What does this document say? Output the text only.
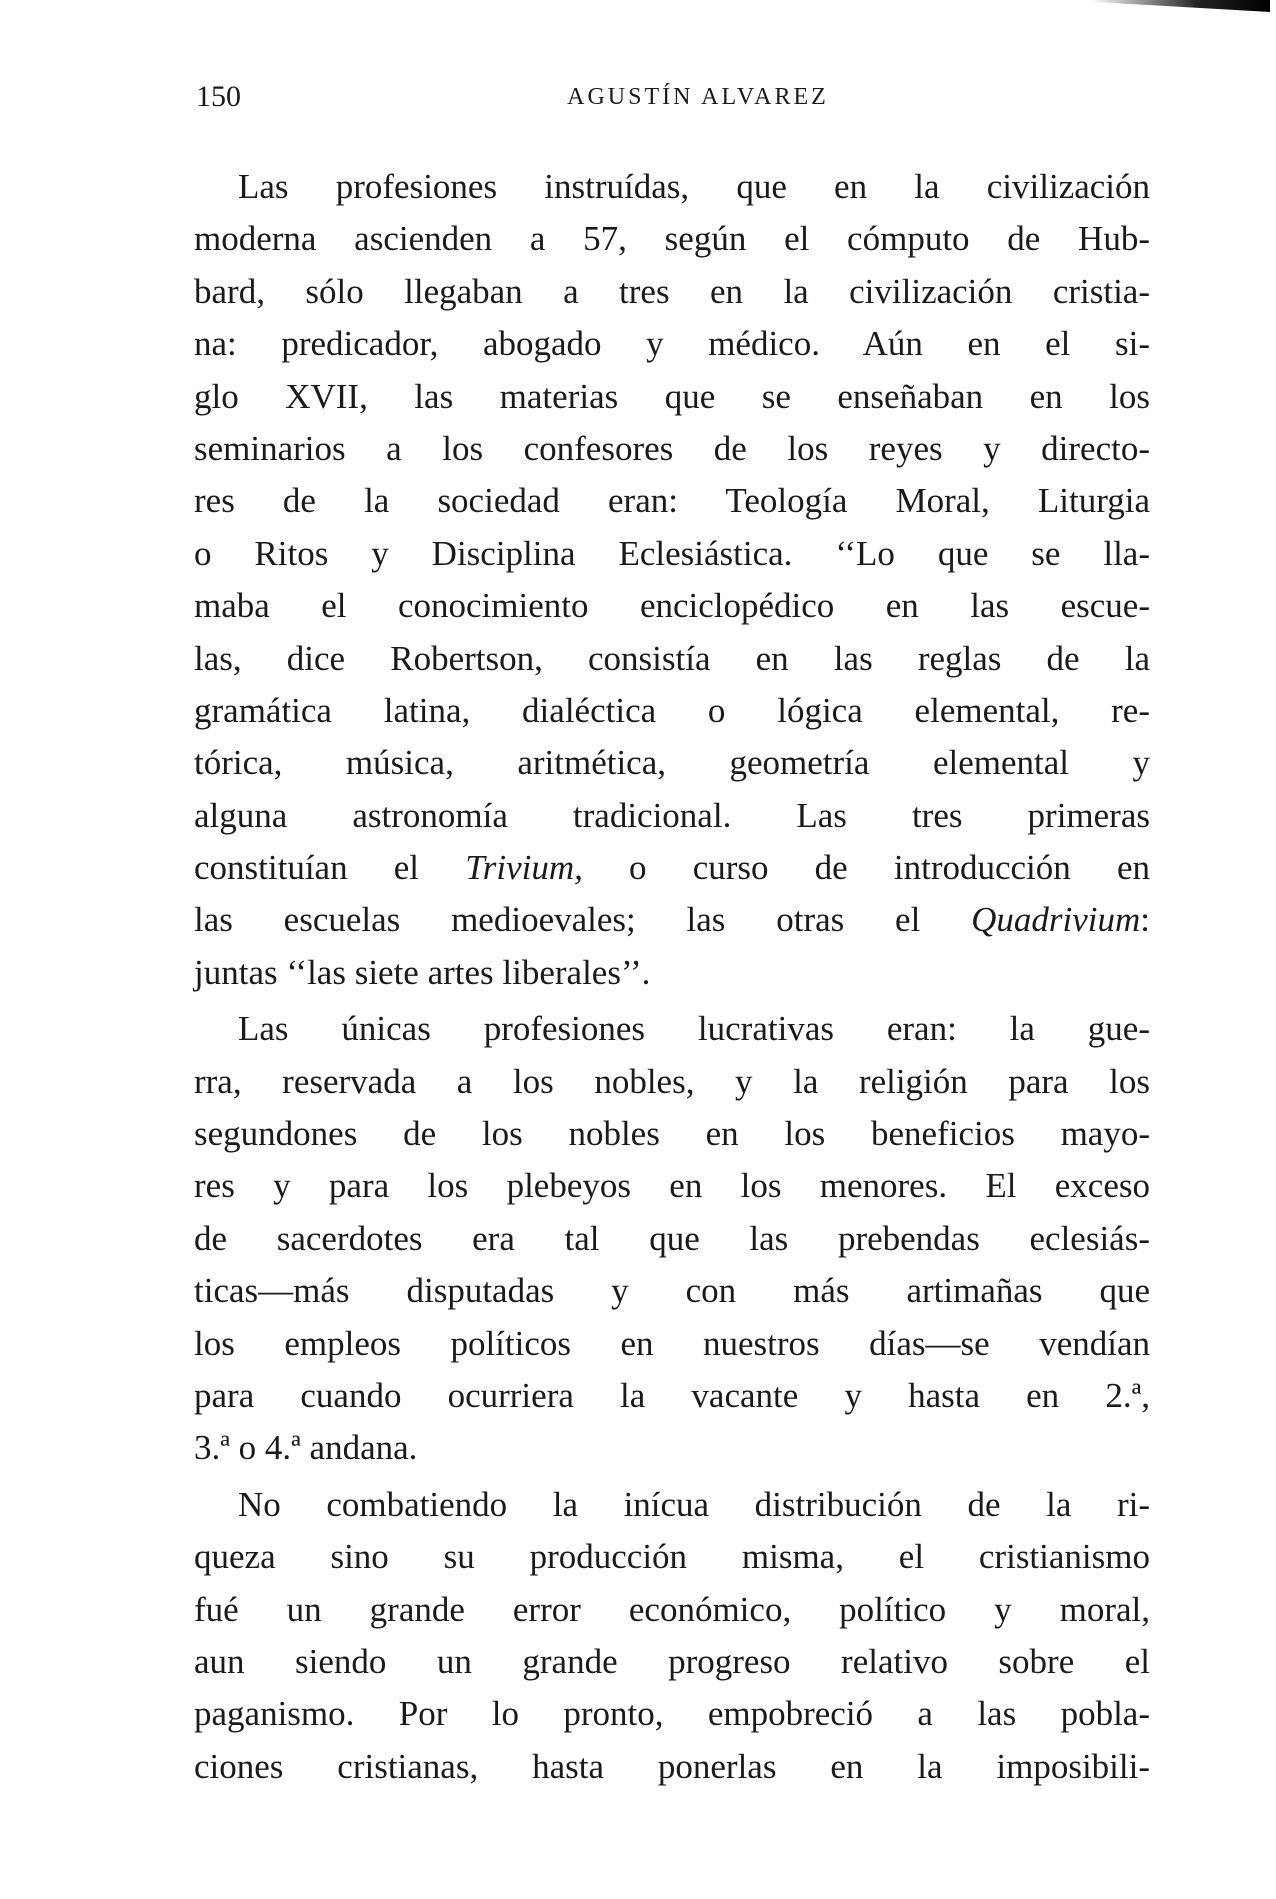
150	AGUSTÍN ALVAREZ

Las profesiones instruídas, que en la civilización
moderna ascienden a 57, según el cómputo de Hub-
bard, sólo llegaban a tres en la civilización cristia-
na: predicador, abogado y médico. Aún en el si-
glo XVII, las materias que se enseñaban en los
seminarios a los confesores de los reyes y directo-
res de la sociedad eran: Teología Moral, Liturgia
o Ritos y Disciplina Eclesiástica. ‘‘Lo que se lla-
maba el conocimiento enciclopédico en las escue-
las, dice Robertson, consistía en las reglas de la
gramática latina, dialéctica o lógica elemental, re-
tórica, música, aritmética, geometría elemental y
alguna astronomía tradicional. Las tres primeras
constituían el Trivium, o curso de introducción en
las escuelas medioevales; las otras el Quadrivium:
juntas ‘‘las siete artes liberales’’.

Las únicas profesiones lucrativas eran: la gue-
rra, reservada a los nobles, y la religión para los
segundones de los nobles en los beneficios mayo-
res y para los plebeyos en los menores. El exceso
de sacerdotes era tal que las prebendas eclesiás-
ticas—más disputadas y con más artimañas que
los empleos políticos en nuestros días—se vendían
para cuando ocurriera la vacante y hasta en 2.ª,
3.ª o 4.ª andana.

No combatiendo la inícua distribución de la ri-
queza sino su producción misma, el cristianismo
fué un grande error económico, político y moral,
aun siendo un grande progreso relativo sobre el
paganismo. Por lo pronto, empobreció a las pobla-
ciones cristianas, hasta ponerlas en la imposibili-
